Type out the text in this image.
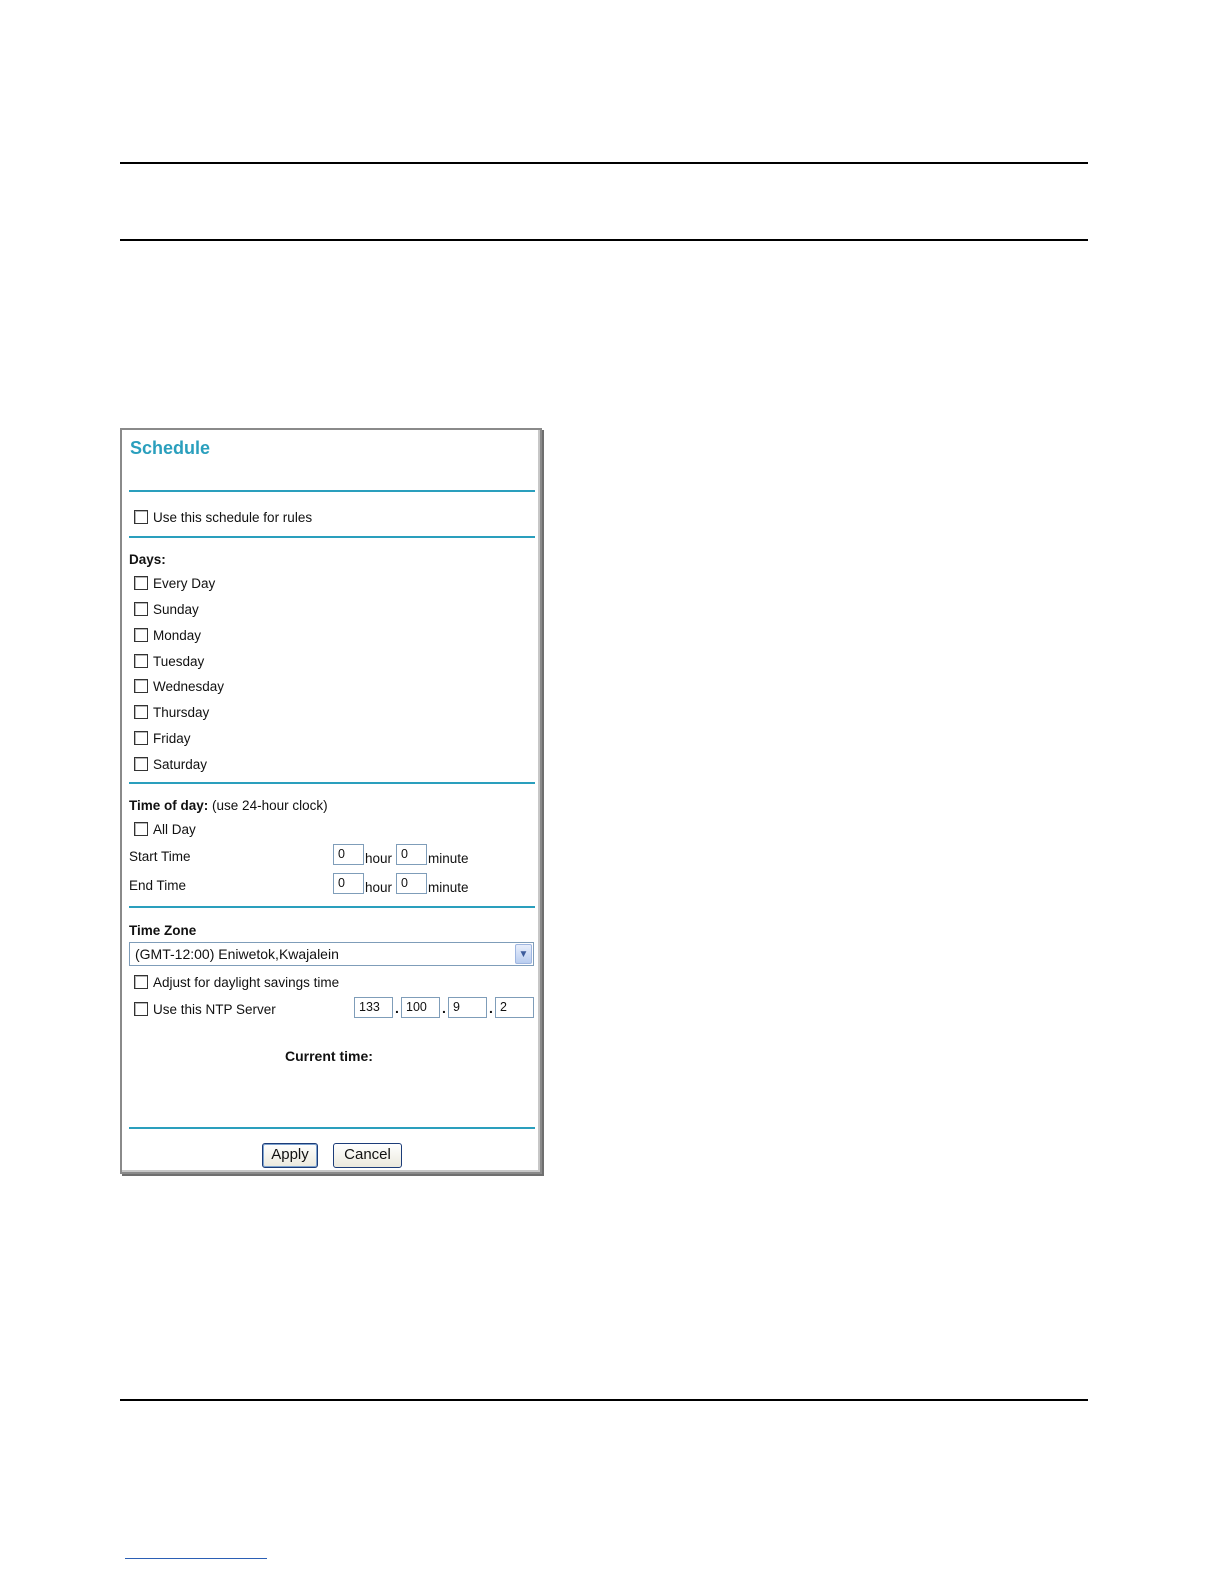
Schedule
Use this schedule for rules
Days:
Every Day
Sunday
Monday
Tuesday
Wednesday
Thursday
Friday
Saturday
Time of day: (use 24-hour clock)
All Day
Start Time	0	hour 0	minute
End Time	0	hour 0	minute
Time Zone
(GMT-12:00) Eniwetok,Kwajalein	▼
Adjust for daylight savings time
Use this NTP Server	133	. 100	. 9	. 2
Current time:
Apply	Cancel
